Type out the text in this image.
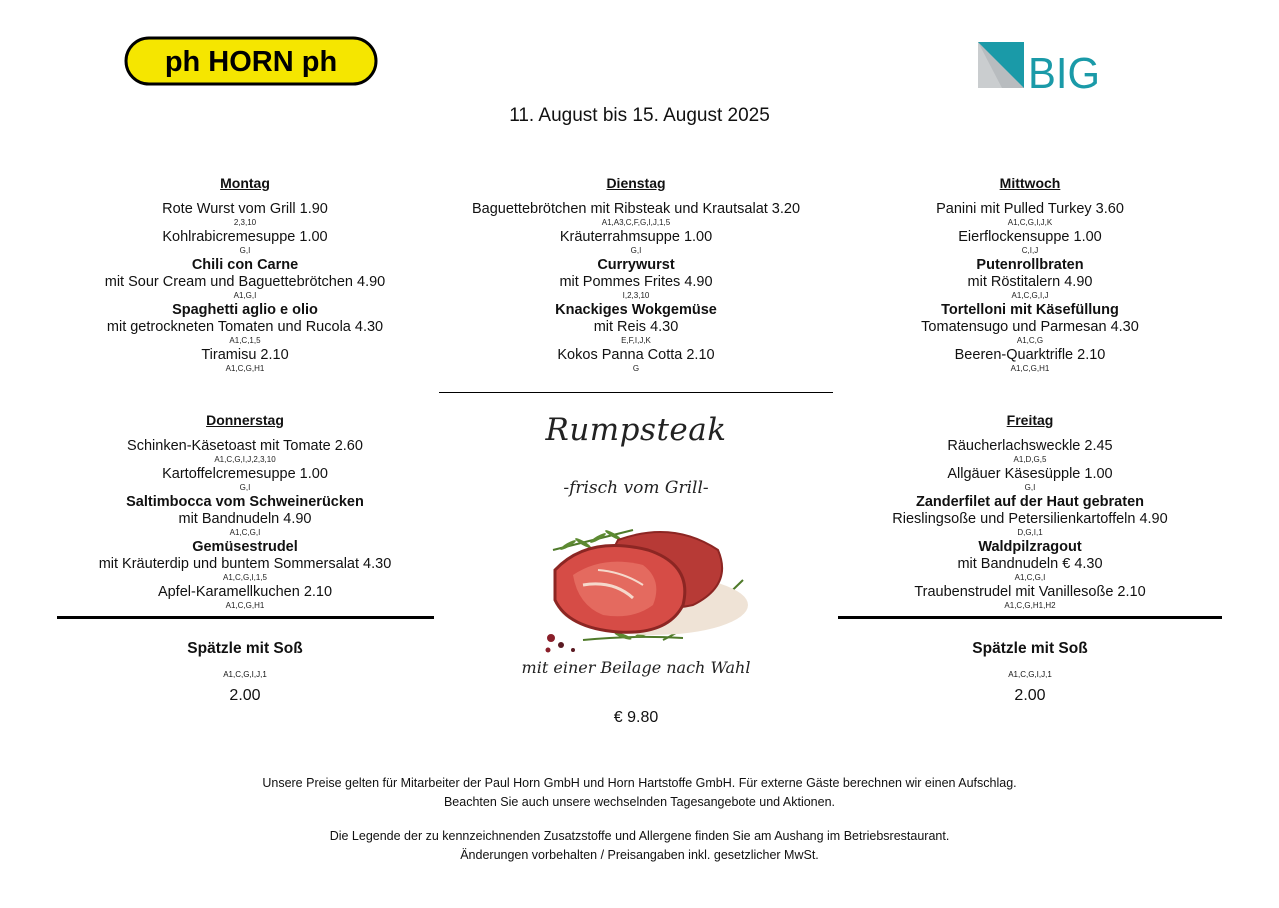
ph HORN ph	BIG
11. August bis 15. August 2025
Montag
Rote Wurst vom Grill 1.90
2,3,10
Kohlrabicremesuppe 1.00
G,I
Chili con Carne
mit Sour Cream und Baguettebrötchen 4.90
A1,G,I
Spaghetti aglio e olio
mit getrockneten Tomaten und Rucola 4.30
A1,C,1,5
Tiramisu 2.10
A1,C,G,H1
Dienstag
Baguettebrötchen mit Ribsteak und Krautsalat 3.20
A1,A3,C,F,G,I,J,1,5
Kräuterrahmsuppe 1.00
G,I
Currywurst
mit Pommes Frites 4.90
I,2,3,10
Knackiges Wokgemüse
mit Reis 4.30
E,F,I,J,K
Kokos Panna Cotta 2.10
G
Mittwoch
Panini mit Pulled Turkey 3.60
A1,C,G,I,J,K
Eierflockensuppe 1.00
C,I,J
Putenrollbraten
mit Röstitalern 4.90
A1,C,G,I,J
Tortelloni mit Käsefüllung
Tomatensugo und Parmesan 4.30
A1,C,G
Beeren-Quarktrifle 2.10
A1,C,G,H1
Donnerstag
Schinken-Käsetoast mit Tomate 2.60
A1,C,G,I,J,2,3,10
Kartoffelcremesuppe 1.00
G,I
Saltimbocca vom Schweinerücken
mit Bandnudeln 4.90
A1,C,G,I
Gemüsestrudel
mit Kräuterdip und buntem Sommersalat 4.30
A1,C,G,I,1,5
Apfel-Karamellkuchen 2.10
A1,C,G,H1
Freitag
Räucherlachsweckle 2.45
A1,D,G,5
Allgäuer Käsesüpple 1.00
G,I
Zanderfilet auf der Haut gebraten
Rieslingsoße und Petersilienkartoffeln 4.90
D,G,I,1
Waldpilzragout
mit Bandnudeln € 4.30
A1,C,G,I
Traubenstrudel mit Vanillesoße 2.10
A1,C,G,H1,H2
Spätzle mit Soß
A1,C,G,I,J,1
2.00
Spätzle mit Soß
A1,C,G,I,J,1
2.00
Rumpsteak
-frisch vom Grill-
mit einer Beilage nach Wahl
€ 9.80
Unsere Preise gelten für Mitarbeiter der Paul Horn GmbH und Horn Hartstoffe GmbH. Für externe Gäste berechnen wir einen Aufschlag.
Beachten Sie auch unsere wechselnden Tagesangebote und Aktionen.
Die Legende der zu kennzeichnenden Zusatzstoffe und Allergene finden Sie am Aushang im Betriebsrestaurant.
Änderungen vorbehalten / Preisangaben inkl. gesetzlicher MwSt.
